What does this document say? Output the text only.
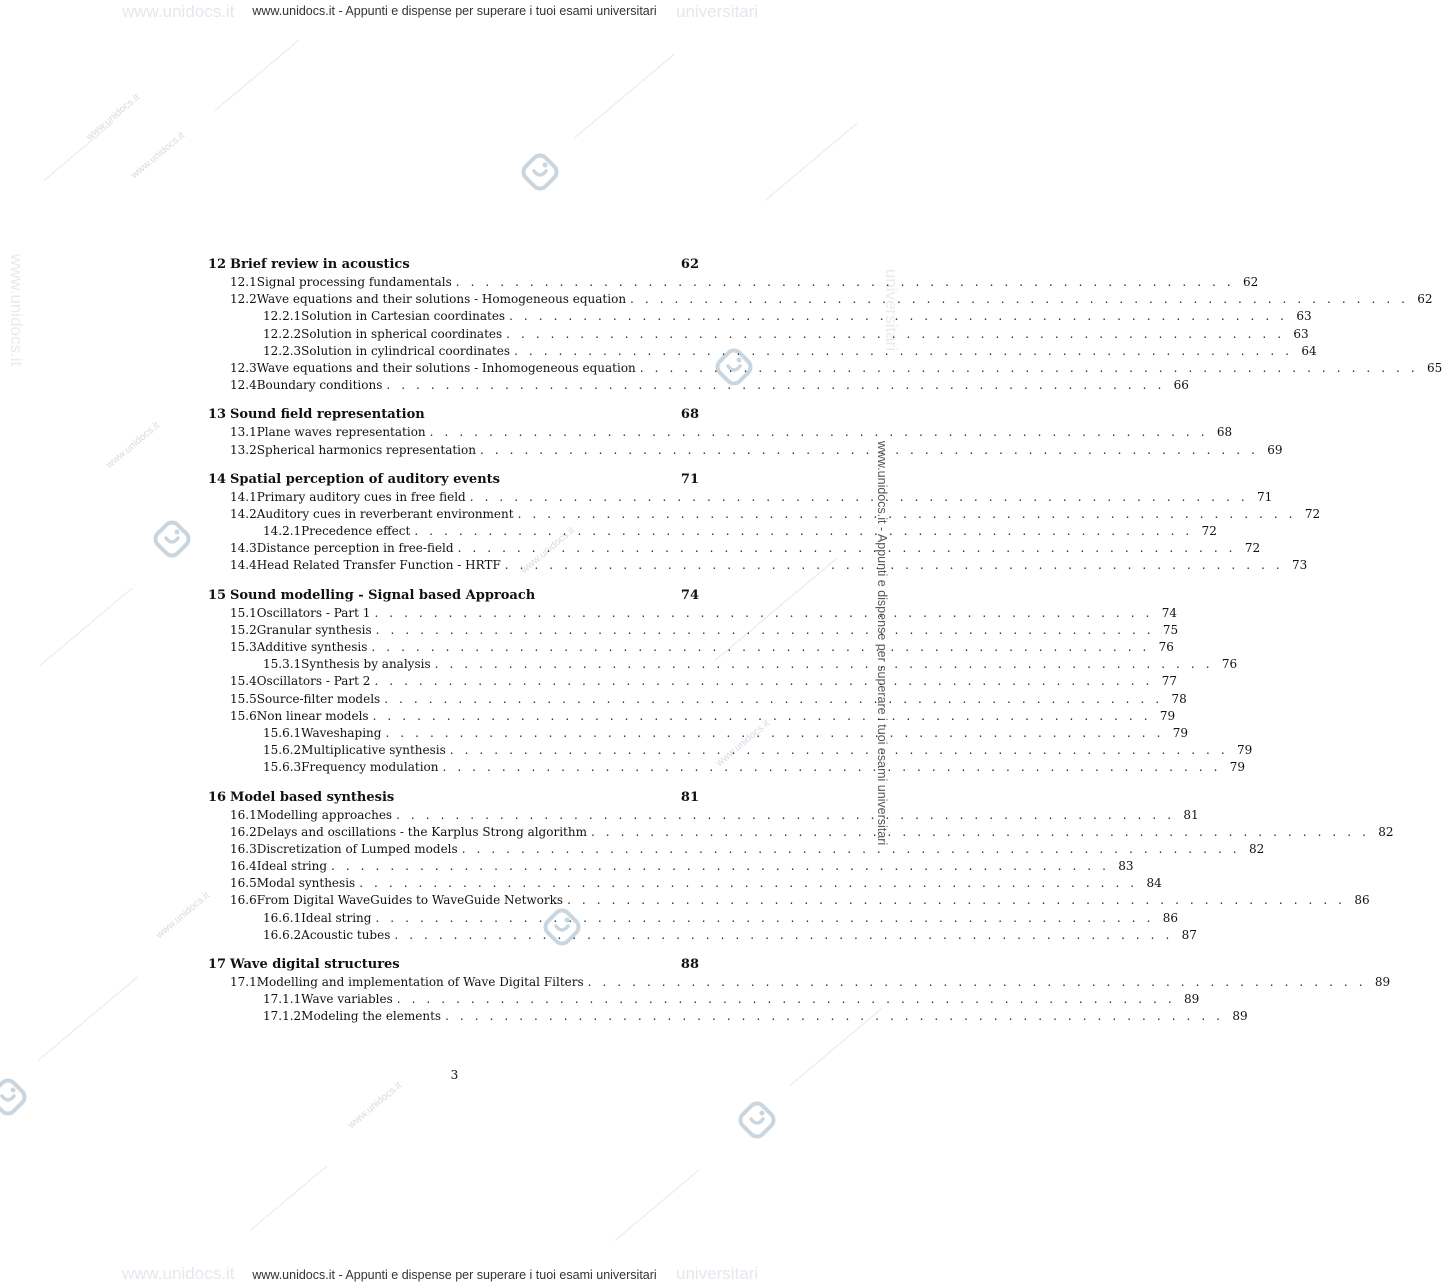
www.unidocs.it
www.unidocs.it
www.unidocs.it
www.unidocs.it
www.unidocs.it
www.unidocs.it
www.unidocs.it
www.unidocs.it	universitari
www.unidocs.it	universitari
www.unidocs.it	universitari
www.unidocs.it - Appunti e dispense per superare i tuoi esami universitari
www.unidocs.it - Appunti e dispense per superare i tuoi esami universitari
www.unidocs.it - Appunti e dispense per superare i tuoi esami universitari
12 Brief review in acoustics	62
12.1 Signal processing fundamentals . . .	62
12.2 Wave equations and their solutions - Homogeneous equation . . .	62
12.2.1 Solution in Cartesian coordinates . . .	63
12.2.2 Solution in spherical coordinates . . .	63
12.2.3 Solution in cylindrical coordinates . . .	64
12.3 Wave equations and their solutions - Inhomogeneous equation . . .	65
12.4 Boundary conditions . . .	66
13 Sound field representation	68
13.1 Plane waves representation . . .	68
13.2 Spherical harmonics representation . . .	69
14 Spatial perception of auditory events	71
14.1 Primary auditory cues in free field . . .	71
14.2 Auditory cues in reverberant environment . . .	72
14.2.1 Precedence effect . . .	72
14.3 Distance perception in free-field . . .	72
14.4 Head Related Transfer Function - HRTF . . .	73
15 Sound modelling - Signal based Approach	74
15.1 Oscillators - Part 1 . . .	74
15.2 Granular synthesis . . .	75
15.3 Additive synthesis . . .	76
15.3.1 Synthesis by analysis . . .	76
15.4 Oscillators - Part 2 . . .	77
15.5 Source-filter models . . .	78
15.6 Non linear models . . .	79
15.6.1 Waveshaping . . .	79
15.6.2 Multiplicative synthesis . . .	79
15.6.3 Frequency modulation . . .	79
16 Model based synthesis	81
16.1 Modelling approaches . . .	81
16.2 Delays and oscillations - the Karplus Strong algorithm . . .	82
16.3 Discretization of Lumped models . . .	82
16.4 Ideal string . . .	83
16.5 Modal synthesis . . .	84
16.6 From Digital WaveGuides to WaveGuide Networks . . .	86
16.6.1 Ideal string . . .	86
16.6.2 Acoustic tubes . . .	87
17 Wave digital structures	88
17.1 Modelling and implementation of Wave Digital Filters . . .	89
17.1.1 Wave variables . . .	89
17.1.2 Modeling the elements . . .	89
3
